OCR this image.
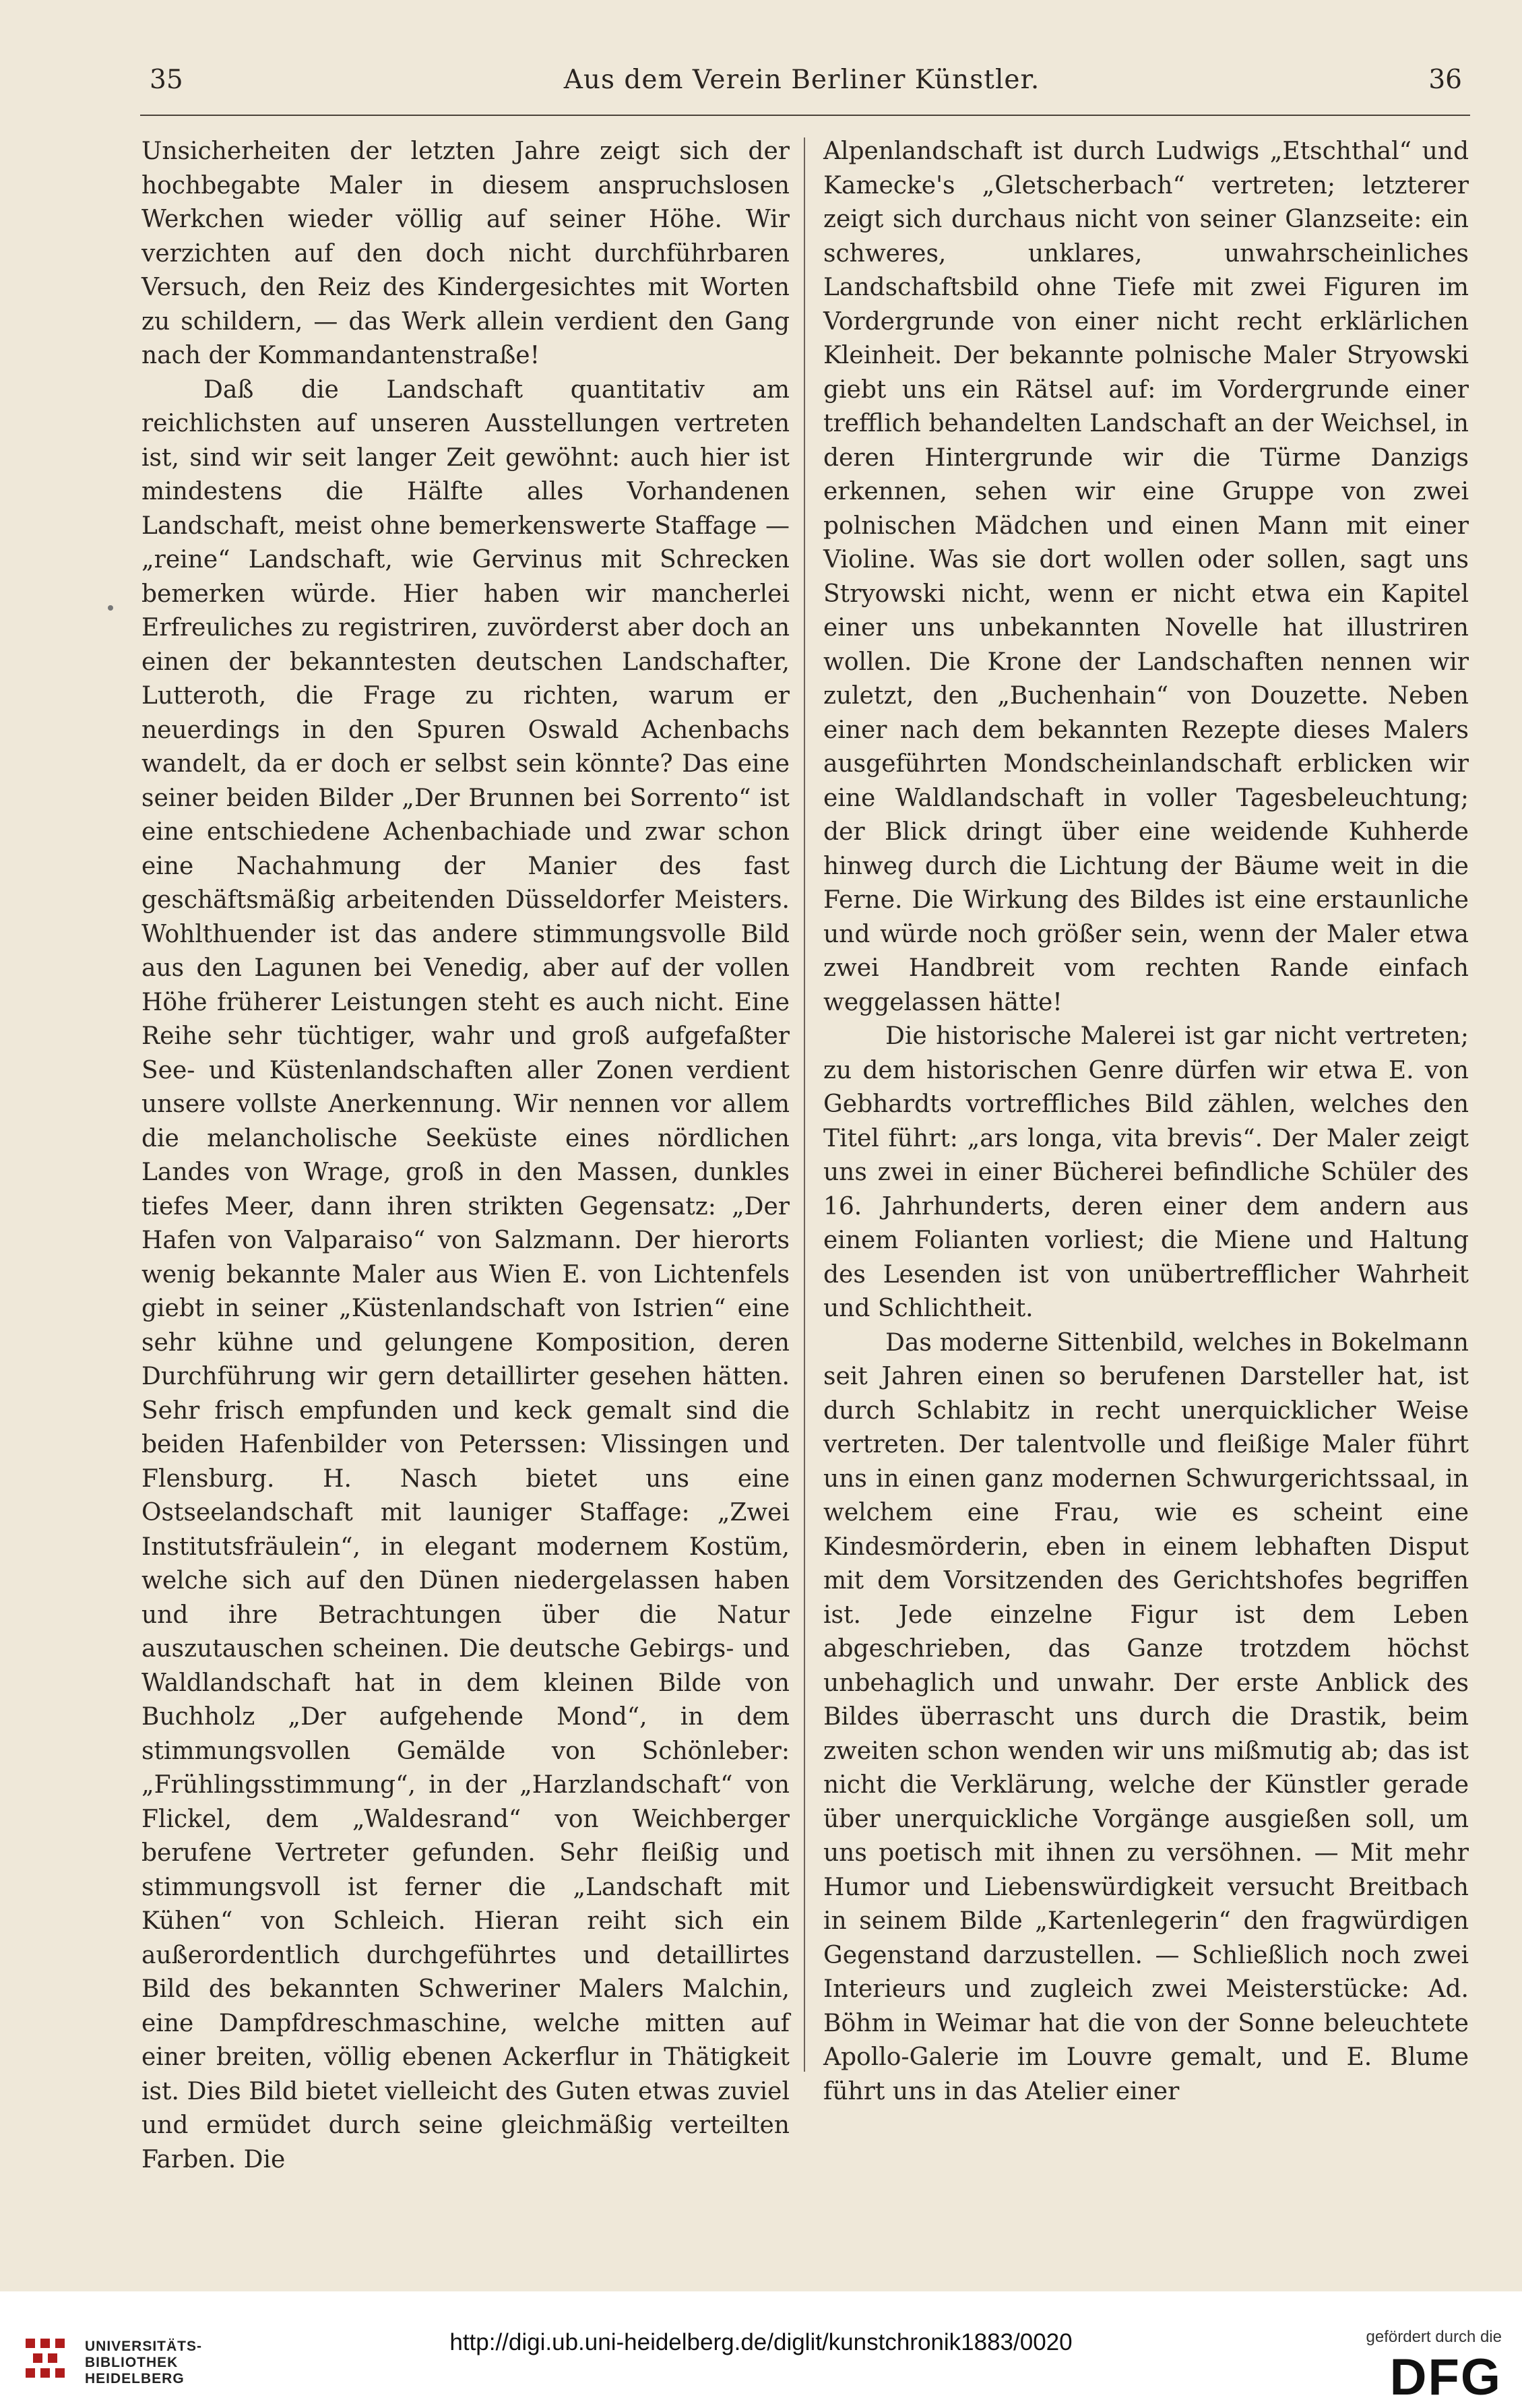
35	Aus dem Verein Berliner Künstler.	36

Unsicherheiten der letzten Jahre zeigt sich der hochbegabte Maler in diesem anspruchslosen Werkchen wieder völlig auf seiner Höhe. Wir verzichten auf den doch nicht durchführbaren Versuch, den Reiz des Kindergesichtes mit Worten zu schildern, — das Werk allein verdient den Gang nach der Kommandantenstraße!

Daß die Landschaft quantitativ am reichlichsten auf unseren Ausstellungen vertreten ist, sind wir seit langer Zeit gewöhnt: auch hier ist mindestens die Hälfte alles Vorhandenen Landschaft, meist ohne bemerkenswerte Staffage — „reine“ Landschaft, wie Gervinus mit Schrecken bemerken würde. Hier haben wir mancherlei Erfreuliches zu registriren, zuvörderst aber doch an einen der bekanntesten deutschen Landschafter, Lutteroth, die Frage zu richten, warum er neuerdings in den Spuren Oswald Achenbachs wandelt, da er doch er selbst sein könnte? Das eine seiner beiden Bilder „Der Brunnen bei Sorrento“ ist eine entschiedene Achenbachiade und zwar schon eine Nachahmung der Manier des fast geschäftsmäßig arbeitenden Düsseldorfer Meisters. Wohlthuender ist das andere stimmungsvolle Bild aus den Lagunen bei Venedig, aber auf der vollen Höhe früherer Leistungen steht es auch nicht. Eine Reihe sehr tüchtiger, wahr und groß aufgefaßter See- und Küstenlandschaften aller Zonen verdient unsere vollste Anerkennung. Wir nennen vor allem die melancholische Seeküste eines nördlichen Landes von Wrage, groß in den Massen, dunkles tiefes Meer, dann ihren strikten Gegensatz: „Der Hafen von Valparaiso“ von Salzmann. Der hierorts wenig bekannte Maler aus Wien E. von Lichtenfels giebt in seiner „Küstenlandschaft von Istrien“ eine sehr kühne und gelungene Komposition, deren Durchführung wir gern detaillirter gesehen hätten. Sehr frisch empfunden und keck gemalt sind die beiden Hafenbilder von Peterssen: Vlissingen und Flensburg. H. Nasch bietet uns eine Ostseelandschaft mit launiger Staffage: „Zwei Institutsfräulein“, in elegant modernem Kostüm, welche sich auf den Dünen niedergelassen haben und ihre Betrachtungen über die Natur auszutauschen scheinen. Die deutsche Gebirgs- und Waldlandschaft hat in dem kleinen Bilde von Buchholz „Der aufgehende Mond“, in dem stimmungsvollen Gemälde von Schönleber: „Frühlingsstimmung“, in der „Harzlandschaft“ von Flickel, dem „Waldesrand“ von Weichberger berufene Vertreter gefunden. Sehr fleißig und stimmungsvoll ist ferner die „Landschaft mit Kühen“ von Schleich. Hieran reiht sich ein außerordentlich durchgeführtes und detaillirtes Bild des bekannten Schweriner Malers Malchin, eine Dampfdreschmaschine, welche mitten auf einer breiten, völlig ebenen Ackerflur in Thätigkeit ist. Dies Bild bietet vielleicht des Guten etwas zuviel und ermüdet durch seine gleichmäßig verteilten Farben. Die

Alpenlandschaft ist durch Ludwigs „Etschthal“ und Kamecke's „Gletscherbach“ vertreten; letzterer zeigt sich durchaus nicht von seiner Glanzseite: ein schweres, unklares, unwahrscheinliches Landschaftsbild ohne Tiefe mit zwei Figuren im Vordergrunde von einer nicht recht erklärlichen Kleinheit. Der bekannte polnische Maler Stryowski giebt uns ein Rätsel auf: im Vordergrunde einer trefflich behandelten Landschaft an der Weichsel, in deren Hintergrunde wir die Türme Danzigs erkennen, sehen wir eine Gruppe von zwei polnischen Mädchen und einen Mann mit einer Violine. Was sie dort wollen oder sollen, sagt uns Stryowski nicht, wenn er nicht etwa ein Kapitel einer uns unbekannten Novelle hat illustriren wollen. Die Krone der Landschaften nennen wir zuletzt, den „Buchenhain“ von Douzette. Neben einer nach dem bekannten Rezepte dieses Malers ausgeführten Mondscheinlandschaft erblicken wir eine Waldlandschaft in voller Tagesbeleuchtung; der Blick dringt über eine weidende Kuhherde hinweg durch die Lichtung der Bäume weit in die Ferne. Die Wirkung des Bildes ist eine erstaunliche und würde noch größer sein, wenn der Maler etwa zwei Handbreit vom rechten Rande einfach weggelassen hätte!

Die historische Malerei ist gar nicht vertreten; zu dem historischen Genre dürfen wir etwa E. von Gebhardts vortreffliches Bild zählen, welches den Titel führt: „ars longa, vita brevis“. Der Maler zeigt uns zwei in einer Bücherei befindliche Schüler des 16. Jahrhunderts, deren einer dem andern aus einem Folianten vorliest; die Miene und Haltung des Lesenden ist von unübertrefflicher Wahrheit und Schlichtheit.

Das moderne Sittenbild, welches in Bokelmann seit Jahren einen so berufenen Darsteller hat, ist durch Schlabitz in recht unerquicklicher Weise vertreten. Der talentvolle und fleißige Maler führt uns in einen ganz modernen Schwurgerichtssaal, in welchem eine Frau, wie es scheint eine Kindesmörderin, eben in einem lebhaften Disput mit dem Vorsitzenden des Gerichtshofes begriffen ist. Jede einzelne Figur ist dem Leben abgeschrieben, das Ganze trotzdem höchst unbehaglich und unwahr. Der erste Anblick des Bildes überrascht uns durch die Drastik, beim zweiten schon wenden wir uns mißmutig ab; das ist nicht die Verklärung, welche der Künstler gerade über unerquickliche Vorgänge ausgießen soll, um uns poetisch mit ihnen zu versöhnen. — Mit mehr Humor und Liebenswürdigkeit versucht Breitbach in seinem Bilde „Kartenlegerin“ den fragwürdigen Gegenstand darzustellen. — Schließlich noch zwei Interieurs und zugleich zwei Meisterstücke: Ad. Böhm in Weimar hat die von der Sonne beleuchtete Apollo-Galerie im Louvre gemalt, und E. Blume führt uns in das Atelier einer

UNIVERSITÄTS-
BIBLIOTHEK
HEIDELBERG
http://digi.ub.uni-heidelberg.de/diglit/kunstchronik1883/0020	gefördert durch die
DFG
